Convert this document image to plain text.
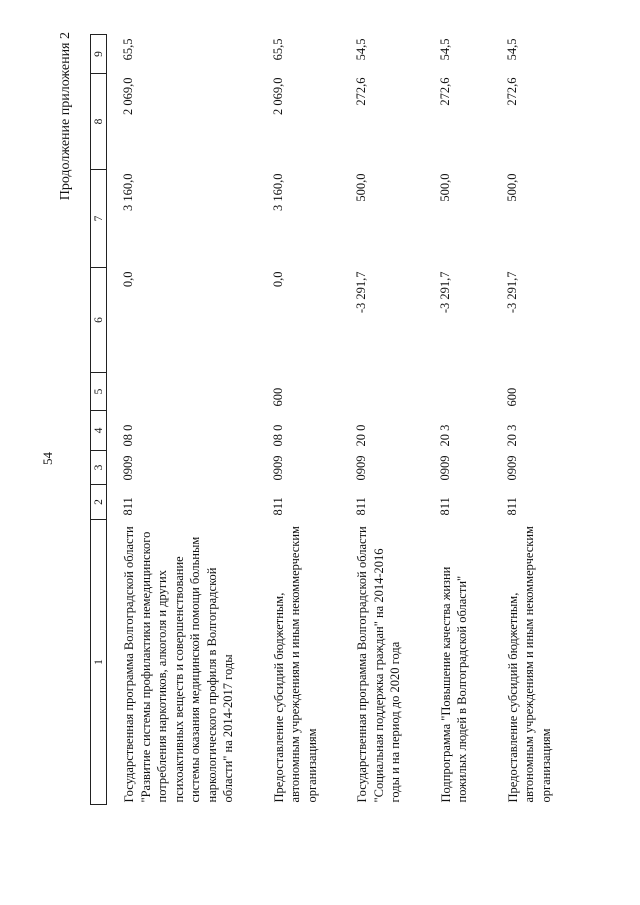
54
Продолжение приложения 2
1	2	3	4	5	6	7	8	9
Государственная программа Волгоградской области "Развитие системы профилактики немедицинского потребления наркотиков, алкоголя и других психоактивных веществ и совершенствование системы оказания медицинской помощи больным наркологического профиля в Волгоградской области" на 2014-2017 годы	811	0909	08 0		0,0	3 160,0	2 069,0	65,5
Предоставление субсидий бюджетным, автономным учреждениям и иным некоммерческим организациям	811	0909	08 0	600	0,0	3 160,0	2 069,0	65,5
Государственная программа Волгоградской области "Социальная поддержка граждан" на 2014-2016 годы и на период до 2020 года	811	0909	20 0		-3 291,7	500,0	272,6	54,5
Подпрограмма "Повышение качества жизни пожилых людей в Волгоградской области"	811	0909	20 3		-3 291,7	500,0	272,6	54,5
Предоставление субсидий бюджетным, автономным учреждениям и иным некоммерческим организациям	811	0909	20 3	600	-3 291,7	500,0	272,6	54,5
